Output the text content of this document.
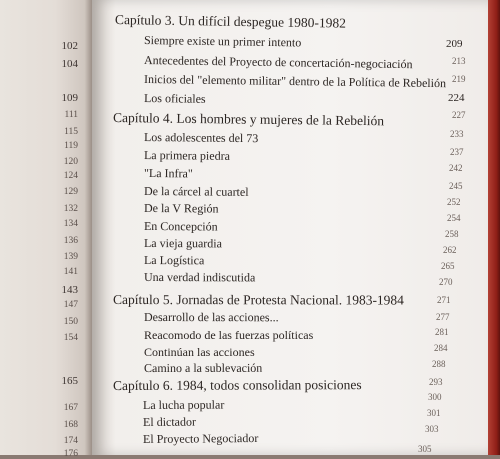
102
104
109
111
115
119
120
124
129
132
134
136
139
141
143
147
150
154
165
167
168
174
176
Capítulo 3. Un difícil despegue 1980-1982
Siempre existe un primer intento
Antecedentes del Proyecto de concertación-negociación
Inicios del "elemento militar" dentro de la Política de Rebelión
Los oficiales
Capítulo 4. Los hombres y mujeres de la Rebelión
Los adolescentes del 73
La primera piedra
"La Infra"
De la cárcel al cuartel
De la V Región
En Concepción
La vieja guardia
La Logística
Una verdad indiscutida
Capítulo 5. Jornadas de Protesta Nacional. 1983-1984
Desarrollo de las acciones...
Reacomodo de las fuerzas políticas
Continúan las acciones
Camino a la sublevación
Capítulo 6. 1984, todos consolidan posiciones
La lucha popular
El dictador
El Proyecto Negociador
209
213
219
224
227
233
237
242
245
252
254
258
262
265
270
271
277
281
284
288
293
300
301
303
305
